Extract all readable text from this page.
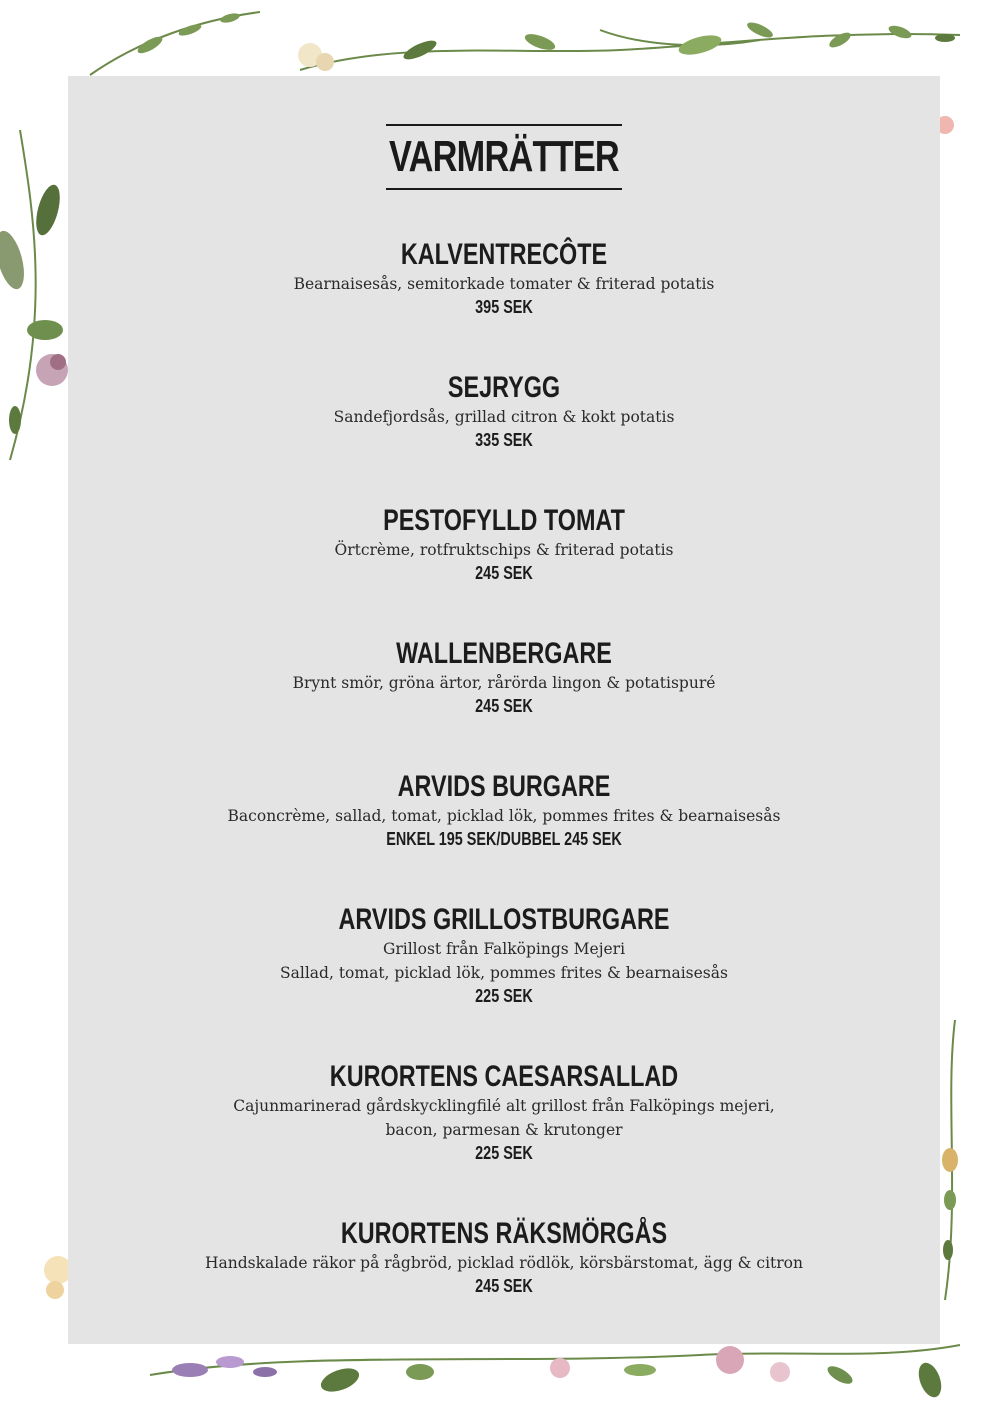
VARMRÄTTER
KALVENTRECÔTE
Bearnaisesås, semitorkade tomater & friterad potatis
395 SEK
SEJRYGG
Sandefjordsås, grillad citron & kokt potatis
335 SEK
PESTOFYLLD TOMAT
Örtcrème, rotfruktschips & friterad potatis
245 SEK
WALLENBERGARE
Brynt smör, gröna ärtor, rårörda lingon & potatispuré
245 SEK
ARVIDS BURGARE
Baconcrème, sallad, tomat, picklad lök, pommes frites & bearnaisesås
ENKEL 195 SEK/DUBBEL 245 SEK
ARVIDS GRILLOSTBURGARE
Grillost från Falköpings Mejeri
Sallad, tomat, picklad lök, pommes frites & bearnaisesås
225 SEK
KURORTENS CAESARSALLAD
Cajunmarinerad gårdskycklingfilé alt grillost från Falköpings mejeri,
bacon, parmesan & krutonger
225 SEK
KURORTENS RÄKSMÖRGÅS
Handskalade räkor på rågbröd, picklad rödlök, körsbärstomat, ägg & citron
245 SEK
